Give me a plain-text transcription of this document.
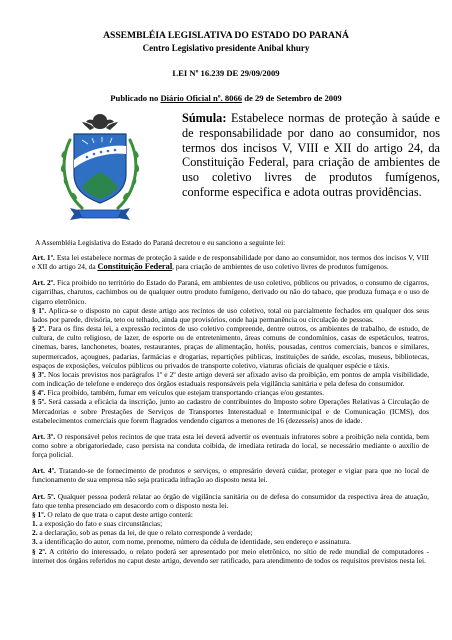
ASSEMBLÉIA LEGISLATIVA DO ESTADO DO PARANÁ
Centro Legislativo presidente Anibal khury
LEI Nº 16.239 DE 29/09/2009
Publicado no Diário Oficial nº. 8066 de 29 de Setembro de 2009
Súmula: Estabelece normas de proteção à saúde e de responsabilidade por dano ao consumidor, nos termos dos incisos V, VIII e XII do artigo 24, da Constituição Federal, para criação de ambientes de uso coletivo livres de produtos fumígenos, conforme especifica e adota outras providências.
A Assembléia Legislativa do Estado do Paraná decretou e eu sanciono a seguinte lei:

Art. 1º. Esta lei estabelece normas de proteção à saúde e de responsabilidade por dano ao consumidor, nos termos dos incisos V, VIII e XII do artigo 24, da Constituição Federal, para criação de ambientes de uso coletivo livres de produtos fumígenos.

Art. 2º. Fica proibido no território do Estado do Paraná, em ambientes de uso coletivo, públicos ou privados, o consumo de cigarros, cigarrilhas, charutos, cachimbos ou de qualquer outro produto fumígeno, derivado ou não do tabaco, que produza fumaça e o uso de cigarro eletrônico.
§ 1º. Aplica-se o disposto no caput deste artigo aos recintos de uso coletivo, total ou parcialmente fechados em qualquer dos seus lados por parede, divisória, teto ou telhado, ainda que provisórios, onde haja permanência ou circulação de pessoas.
§ 2º. Para os fins desta lei, a expressão recintos de uso coletivo compreende, dentre outros, os ambientes de trabalho, de estudo, de cultura, de culto religioso, de lazer, de esporte ou de entretenimento, áreas comuns de condomínios, casas de espetáculos, teatros, cinemas, bares, lanchonetes, boates, restaurantes, praças de alimentação, hotéis, pousadas, centros comerciais, bancos e similares, supermercados, açougues, padarias, farmácias e drogarias, repartições públicas, instituições de saúde, escolas, museus, bibliotecas, espaços de exposições, veículos públicos ou privados de transporte coletivo, viaturas oficiais de qualquer espécie e táxis.
§ 3º. Nos locais previstos nos parágrafos 1º e 2º deste artigo deverá ser afixado aviso da proibição, em pontos de ampla visibilidade, com indicação de telefone e endereço dos órgãos estaduais responsáveis pela vigilância sanitária e pela defesa do consumidor.
§ 4º. Fica proibido, também, fumar em veículos que estejam transportando crianças e/ou gestantes.
§ 5º. Será cassada a eficácia da inscrição, junto ao cadastro de contribuintes do Imposto sobre Operações Relativas à Circulação de Mercadorias e sobre Prestações de Serviços de Transportes Interestadual e Intermunicipal e de Comunicação (ICMS), dos estabelecimentos comerciais que forem flagrados vendendo cigarros a menores de 16 (dezesseis) anos de idade.

Art. 3º. O responsável pelos recintos de que trata esta lei deverá advertir os eventuais infratores sobre a proibição nela contida, bem como sobre a obrigatoriedade, caso persista na conduta coibida, de imediata retirada do local, se necessário mediante o auxílio de força policial.

Art. 4º. Tratando-se de fornecimento de produtos e serviços, o empresário deverá cuidar, proteger e vigiar para que no local de funcionamento de sua empresa não seja praticada infração ao disposto nesta lei.

Art. 5º. Qualquer pessoa poderá relatar ao órgão de vigilância sanitária ou de defesa do consumidor da respectiva área de atuação, fato que tenha presenciado em desacordo com o disposto nesta lei.
§ 1º. O relato de que trata o caput deste artigo conterá:
1. a exposição do fato e suas circunstâncias;
2. a declaração, sob as penas da lei, de que o relato corresponde à verdade;
3. a identificação do autor, com nome, prenome, número da cédula de identidade, seu endereço e assinatura.
§ 2º. A critério do interessado, o relato poderá ser apresentado por meio eletrônico, no sítio de rede mundial de computadores - internet dos órgãos referidos no caput deste artigo, devendo ser ratificado, para atendimento de todos os requisitos previstos nesta lei.
